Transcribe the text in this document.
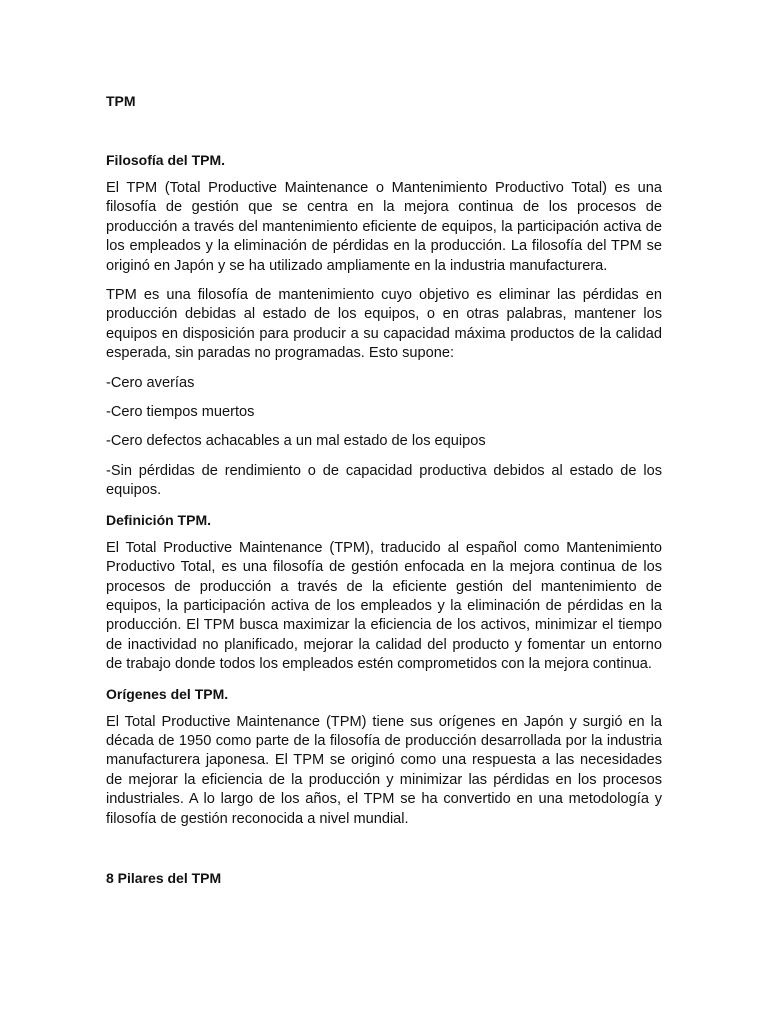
TPM
Filosofía del TPM.

El TPM (Total Productive Maintenance o Mantenimiento Productivo Total) es una filosofía de gestión que se centra en la mejora continua de los procesos de producción a través del mantenimiento eficiente de equipos, la participación activa de los empleados y la eliminación de pérdidas en la producción. La filosofía del TPM se originó en Japón y se ha utilizado ampliamente en la industria manufacturera.

TPM es una filosofía de mantenimiento cuyo objetivo es eliminar las pérdidas en producción debidas al estado de los equipos, o en otras palabras, mantener los equipos en disposición para producir a su capacidad máxima productos de la calidad esperada, sin paradas no programadas. Esto supone:

-Cero averías

-Cero tiempos muertos

-Cero defectos achacables a un mal estado de los equipos

-Sin pérdidas de rendimiento o de capacidad productiva debidos al estado de los equipos.

Definición TPM.

El Total Productive Maintenance (TPM), traducido al español como Mantenimiento Productivo Total, es una filosofía de gestión enfocada en la mejora continua de los procesos de producción a través de la eficiente gestión del mantenimiento de equipos, la participación activa de los empleados y la eliminación de pérdidas en la producción. El TPM busca maximizar la eficiencia de los activos, minimizar el tiempo de inactividad no planificado, mejorar la calidad del producto y fomentar un entorno de trabajo donde todos los empleados estén comprometidos con la mejora continua.

Orígenes del TPM.

El Total Productive Maintenance (TPM) tiene sus orígenes en Japón y surgió en la década de 1950 como parte de la filosofía de producción desarrollada por la industria manufacturera japonesa. El TPM se originó como una respuesta a las necesidades de mejorar la eficiencia de la producción y minimizar las pérdidas en los procesos industriales. A lo largo de los años, el TPM se ha convertido en una metodología y filosofía de gestión reconocida a nivel mundial.

8 Pilares del TPM
